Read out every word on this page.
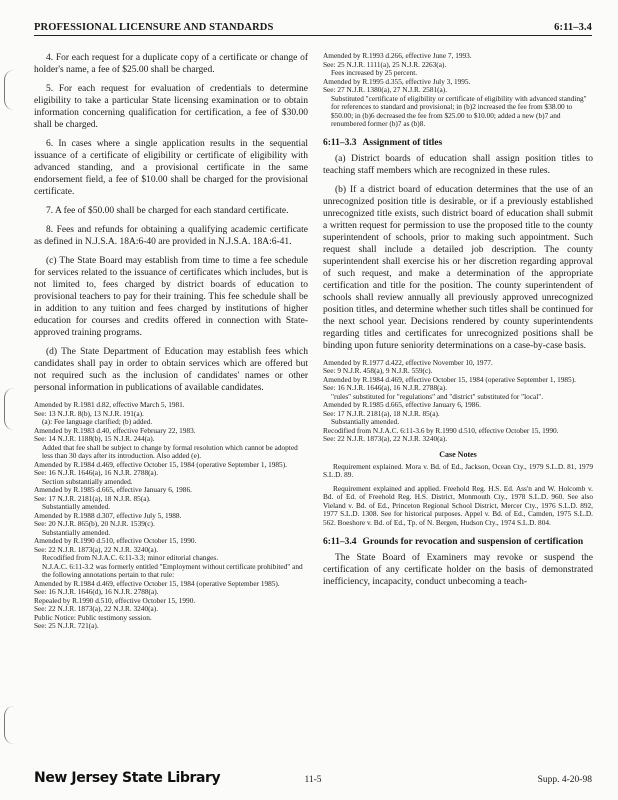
PROFESSIONAL LICENSURE AND STANDARDS	6:11–3.4

4. For each request for a duplicate copy of a certificate or change of holder's name, a fee of $25.00 shall be charged.

5. For each request for evaluation of credentials to determine eligibility to take a particular State licensing examination or to obtain information concerning qualification for certification, a fee of $30.00 shall be charged.

6. In cases where a single application results in the sequential issuance of a certificate of eligibility or certificate of eligibility with advanced standing, and a provisional certificate in the same endorsement field, a fee of $10.00 shall be charged for the provisional certificate.

7. A fee of $50.00 shall be charged for each standard certificate.

8. Fees and refunds for obtaining a qualifying academic certificate as defined in N.J.S.A. 18A:6-40 are provided in N.J.S.A. 18A:6-41.

(c) The State Board may establish from time to time a fee schedule for services related to the issuance of certificates which includes, but is not limited to, fees charged by district boards of education to provisional teachers to pay for their training. This fee schedule shall be in addition to any tuition and fees charged by institutions of higher education for courses and credits offered in connection with State-approved training programs.

(d) The State Department of Education may establish fees which candidates shall pay in order to obtain services which are offered but not required such as the inclusion of candidates' names or other personal information in publications of available candidates.

Amended by R.1981 d.82, effective March 5, 1981.

See: 13 N.J.R. 8(b), 13 N.J.R. 191(a).

(a): Fee language clarified; (b) added.

Amended by R.1983 d.40, effective February 22, 1983.

See: 14 N.J.R. 1188(b), 15 N.J.R. 244(a).

Added that fee shall be subject to change by formal resolution which cannot be adopted less than 30 days after its introduction. Also added (e).

Amended by R.1984 d.469, effective October 15, 1984 (operative September 1, 1985).

See: 16 N.J.R. 1646(a), 16 N.J.R. 2788(a).

Section substantially amended.

Amended by R.1985 d.665, effective January 6, 1986.

See: 17 N.J.R. 2181(a), 18 N.J.R. 85(a).

Substantially amended.

Amended by R.1988 d.307, effective July 5, 1988.

See: 20 N.J.R. 865(b), 20 N.J.R. 1539(c).

Substantially amended.

Amended by R.1990 d.510, effective October 15, 1990.

See: 22 N.J.R. 1873(a), 22 N.J.R. 3240(a).

Recodified from N.J.A.C. 6:11-3.3; minor editorial changes.

N.J.A.C. 6:11-3.2 was formerly entitled "Employment without certificate prohibited" and the following annotations pertain to that rule:

Amended by R.1984 d.469, effective October 15, 1984 (operative September 1985).

See: 16 N.J.R. 1646(d), 16 N.J.R. 2788(a).

Repealed by R.1990 d.510, effective October 15, 1990.

See: 22 N.J.R. 1873(a), 22 N.J.R. 3240(a).

Public Notice: Public testimony session.

See: 25 N.J.R. 721(a).

Amended by R.1993 d.266, effective June 7, 1993.

See: 25 N.J.R. 1111(a), 25 N.J.R. 2263(a).

Fees increased by 25 percent.

Amended by R.1995 d.355, effective July 3, 1995.

See: 27 N.J.R. 1380(a), 27 N.J.R. 2581(a).

Substituted "certificate of eligibility or certificate of eligibility with advanced standing" for references to standard and provisional; in (b)2 increased the fee from $38.00 to $50.00; in (b)6 decreased the fee from $25.00 to $10.00; added a new (b)7 and renumbered former (b)7 as (b)8.

6:11–3.3 Assignment of titles

(a) District boards of education shall assign position titles to teaching staff members which are recognized in these rules.

(b) If a district board of education determines that the use of an unrecognized position title is desirable, or if a previously established unrecognized title exists, such district board of education shall submit a written request for permission to use the proposed title to the county superintendent of schools, prior to making such appointment. Such request shall include a detailed job description. The county superintendent shall exercise his or her discretion regarding approval of such request, and make a determination of the appropriate certification and title for the position. The county superintendent of schools shall review annually all previously approved unrecognized position titles, and determine whether such titles shall be continued for the next school year. Decisions rendered by county superintendents regarding titles and certificates for unrecognized positions shall be binding upon future seniority determinations on a case-by-case basis.

Amended by R.1977 d.422, effective November 10, 1977.

See: 9 N.J.R. 458(a), 9 N.J.R. 559(c).

Amended by R.1984 d.469, effective October 15, 1984 (operative September 1, 1985).

See: 16 N.J.R. 1646(a), 16 N.J.R. 2788(a).

"rules" substituted for "regulations" and "district" substituted for "local".

Amended by R.1985 d.665, effective January 6, 1986.

See: 17 N.J.R. 2181(a), 18 N.J.R. 85(a).

Substantially amended.

Recodified from N.J.A.C. 6:11-3.6 by R.1990 d.510, effective October 15, 1990.

See: 22 N.J.R. 1873(a), 22 N.J.R. 3240(a).

Case Notes

Requirement explained. Mora v. Bd. of Ed., Jackson, Ocean Cty., 1979 S.L.D. 81, 1979 S.L.D. 89.

Requirement explained and applied. Freehold Reg. H.S. Ed. Ass'n and W. Holcomb v. Bd. of Ed. of Freehold Reg. H.S. District, Monmouth Cty., 1978 S.L.D. 960. See also Vieland v. Bd. of Ed., Princeton Regional School District, Mercer Cty., 1976 S.L.D. 892, 1977 S.L.D. 1308. See for historical purposes. Appel v. Bd. of Ed., Camden, 1975 S.L.D. 562. Boeshore v. Bd. of Ed., Tp. of N. Bergen, Hudson Cty., 1974 S.L.D. 804.

6:11–3.4 Grounds for revocation and suspension of certification

The State Board of Examiners may revoke or suspend the certification of any certificate holder on the basis of demonstrated inefficiency, incapacity, conduct unbecoming a teach-

New Jersey State Library	11-5	Supp. 4-20-98
